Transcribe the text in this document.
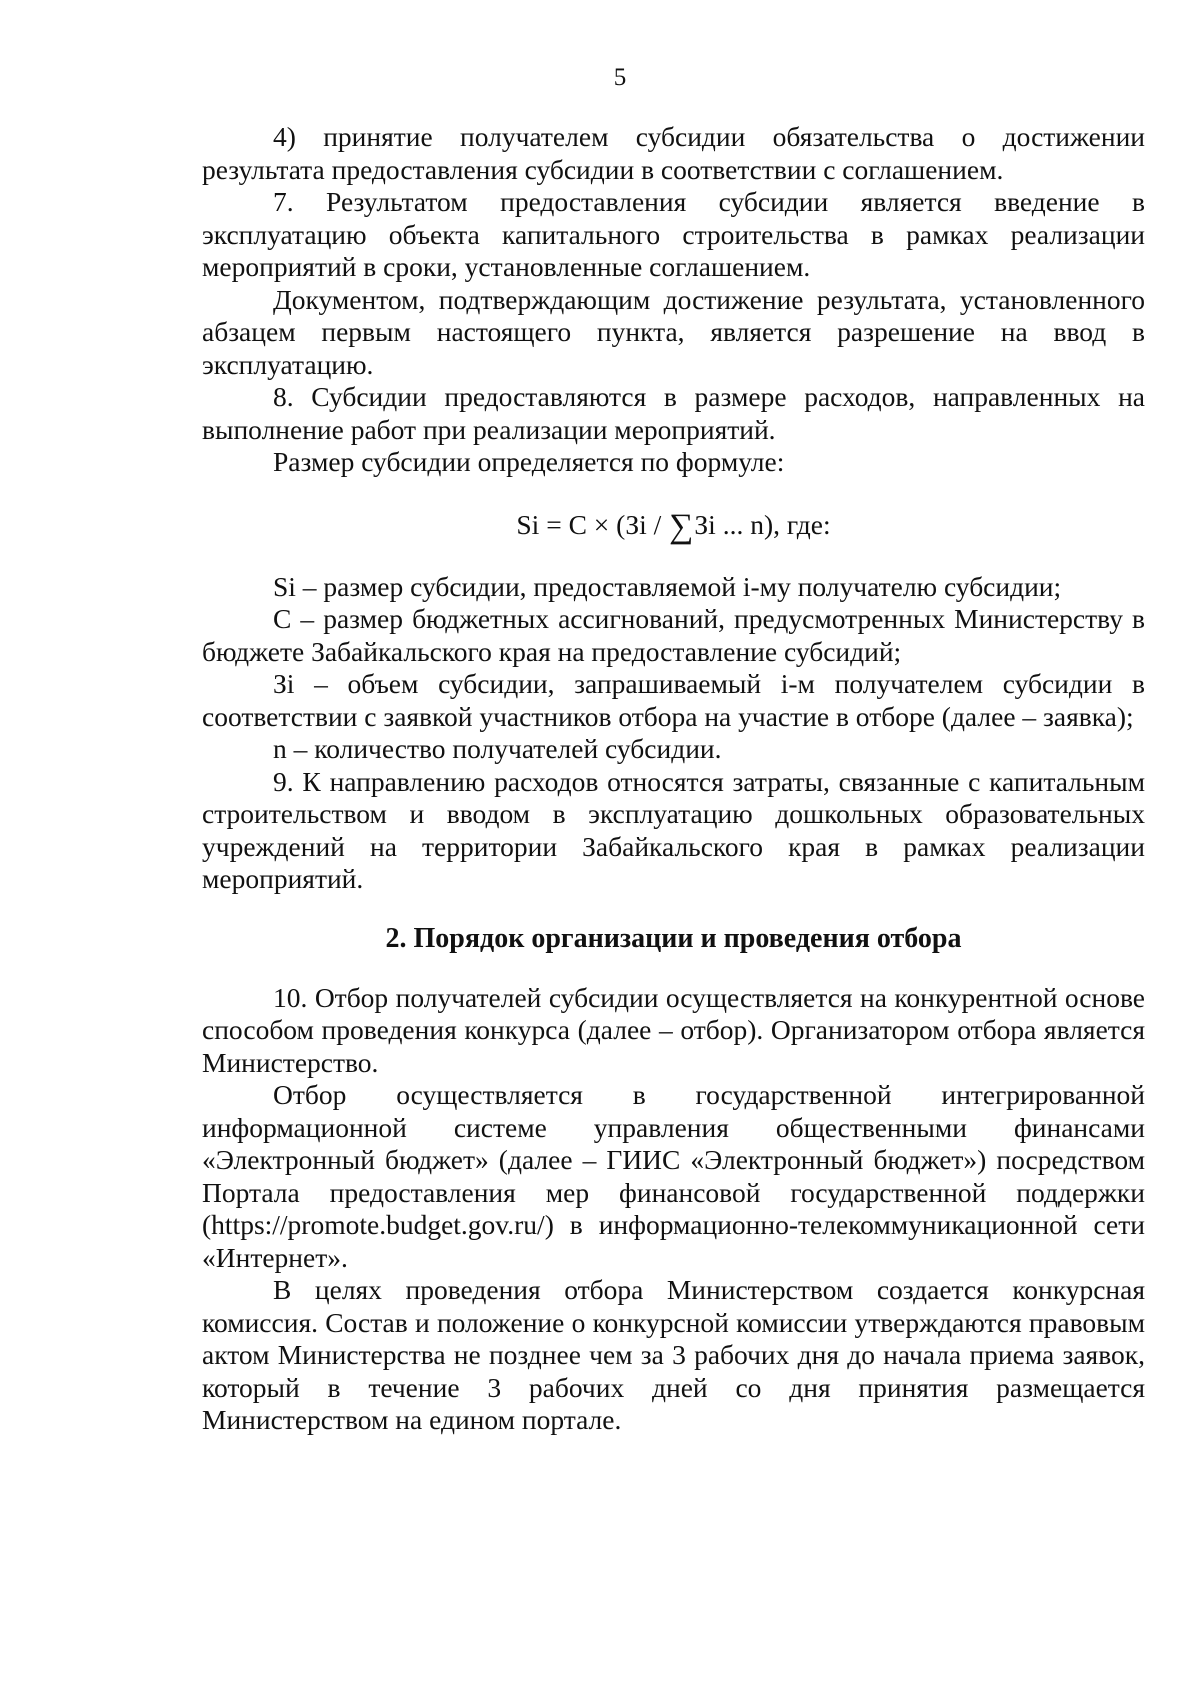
5

4) принятие получателем субсидии обязательства о достижении результата предоставления субсидии в соответствии с соглашением.

7. Результатом предоставления субсидии является введение в эксплуатацию объекта капитального строительства в рамках реализации мероприятий в сроки, установленные соглашением.

Документом, подтверждающим достижение результата, установленного абзацем первым настоящего пункта, является разрешение на ввод в эксплуатацию.

8. Субсидии предоставляются в размере расходов, направленных на выполнение работ при реализации мероприятий.

Размер субсидии определяется по формуле:

Si = C × (Зi / ∑Зi ... n), где:

Si – размер субсидии, предоставляемой i-му получателю субсидии;

C – размер бюджетных ассигнований, предусмотренных Министерству в бюджете Забайкальского края на предоставление субсидий;

Зi – объем субсидии, запрашиваемый i-м получателем субсидии в соответствии с заявкой участников отбора на участие в отборе (далее – заявка);

n – количество получателей субсидии.

9. К направлению расходов относятся затраты, связанные с капитальным строительством и вводом в эксплуатацию дошкольных образовательных учреждений на территории Забайкальского края в рамках реализации мероприятий.

2. Порядок организации и проведения отбора

10. Отбор получателей субсидии осуществляется на конкурентной основе способом проведения конкурса (далее – отбор). Организатором отбора является Министерство.

Отбор осуществляется в государственной интегрированной информационной системе управления общественными финансами «Электронный бюджет» (далее – ГИИС «Электронный бюджет») посредством Портала предоставления мер финансовой государственной поддержки (https://promote.budget.gov.ru/) в информационно-телекоммуникационной сети «Интернет».

В целях проведения отбора Министерством создается конкурсная комиссия. Состав и положение о конкурсной комиссии утверждаются правовым актом Министерства не позднее чем за 3 рабочих дня до начала приема заявок, который в течение 3 рабочих дней со дня принятия размещается Министерством на едином портале.
